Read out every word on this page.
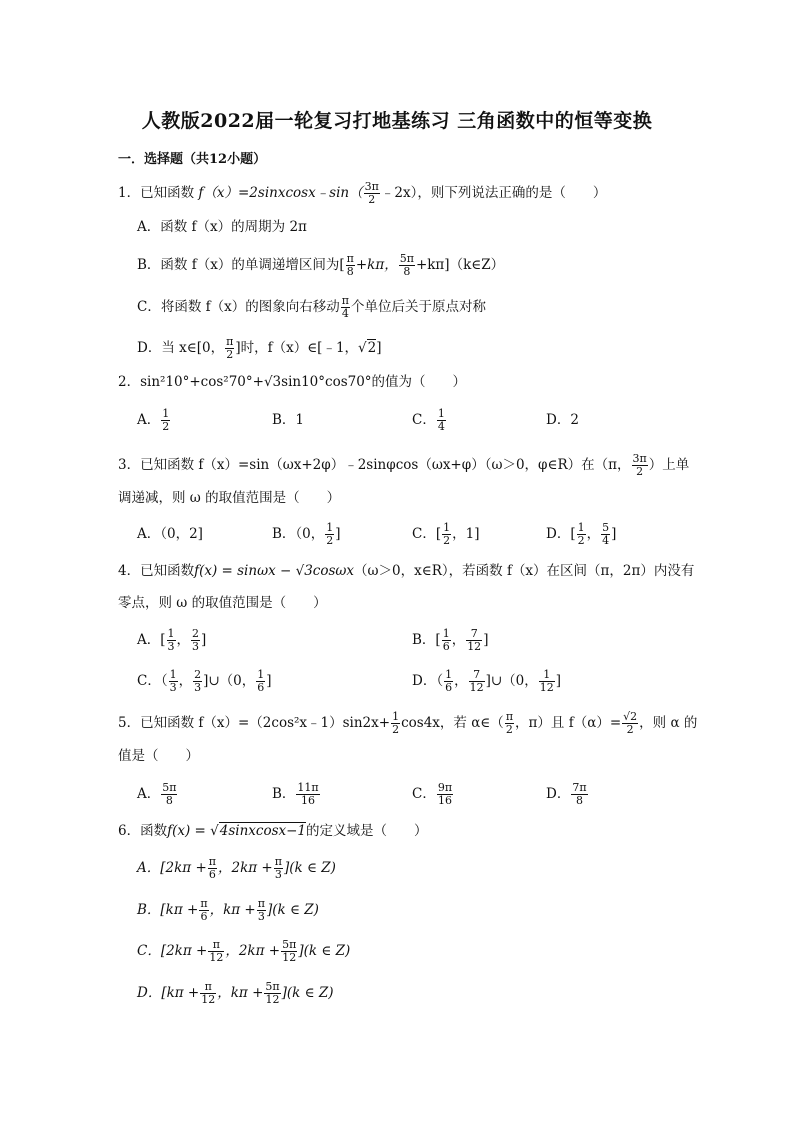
人教版2022届一轮复习打地基练习 三角函数中的恒等变换
一．选择题（共12小题）
1．已知函数 f（x）=2sinxcosx﹣sin（ $\frac{3\pi}{2}$ ﹣2x），则下列说法正确的是（　　）
A．函数 f（x）的周期为 2π
B．函数 f（x）的单调递增区间为[ $\frac{\pi}{8} +k\pi$， $\frac{5\pi}{8}$ +kπ]（k∈Z）
C．将函数 f（x）的图象向右移动 $\frac{\pi}{4}$ 个单位后关于原点对称
D．当 x∈[0， $\frac{\pi}{2}$ ]时，f（x）∈[﹣1，√2]
2．sin²10°+cos²70°+√3sin10°cos70°的值为（　　）
A． $\frac{1}{2}$	B．1	C． $\frac{1}{4}$	D．2
3．已知函数 f（x）=sin（ωx+2φ）﹣2sinφcos（ωx+φ）（ω＞0，φ∈R）在（π， $\frac{3\pi}{2}$ ）上单
调递减，则 ω 的取值范围是（　　）
A．（0，2]	B．（0， $\frac{1}{2}$ ]	C．[ $\frac{1}{2}$ ，1]	D．[ $\frac{1}{2}$ ， $\frac{5}{4}$ ]
4．已知函数f(x) = sinωx − √3cosωx（ω＞0，x∈R），若函数 f（x）在区间（π，2π）内没有
零点，则 ω 的取值范围是（　　）
A．[ $\frac{1}{3}$ ， $\frac{2}{3}$ ]	B．[ $\frac{1}{6}$ ， $\frac{7}{12}$ ]
C．（ $\frac{1}{3}$ ， $\frac{2}{3}$ ]∪（0， $\frac{1}{6}$ ]	D．（ $\frac{1}{6}$ ， $\frac{7}{12}$ ]∪（0， $\frac{1}{12}$ ]
5．已知函数 f（x）=（2cos²x﹣1）sin2x+ $\frac{1}{2} \cos 4x$，若 α∈（ $\frac{\pi}{2}$ ，π）且 $f(\alpha)= \frac{√2}{2}$ ，则 α 的
值是（　　）
A． $\frac{5\pi}{8}$	B． $\frac{11\pi}{16}$	C． $\frac{9\pi}{16}$	D． $\frac{7\pi}{8}$
6．函数f(x) = √4sinxcosx−1的定义域是（　　）
A．[$2k\pi + \frac{\pi}{6}$ ，$2k\pi + \frac{\pi}{3} ](k$ ∈ Z)
B．[$k\pi + \frac{\pi}{6}$ ，$k\pi + \frac{\pi}{3} ](k$ ∈ Z)
C．[$2k\pi + \frac{\pi}{12}$ ，$2k\pi + \frac{5\pi}{12} ](k$ ∈ Z)
D．[$k\pi + \frac{\pi}{12}$ ，$k\pi + \frac{5\pi}{12} ](k$ ∈ Z)
